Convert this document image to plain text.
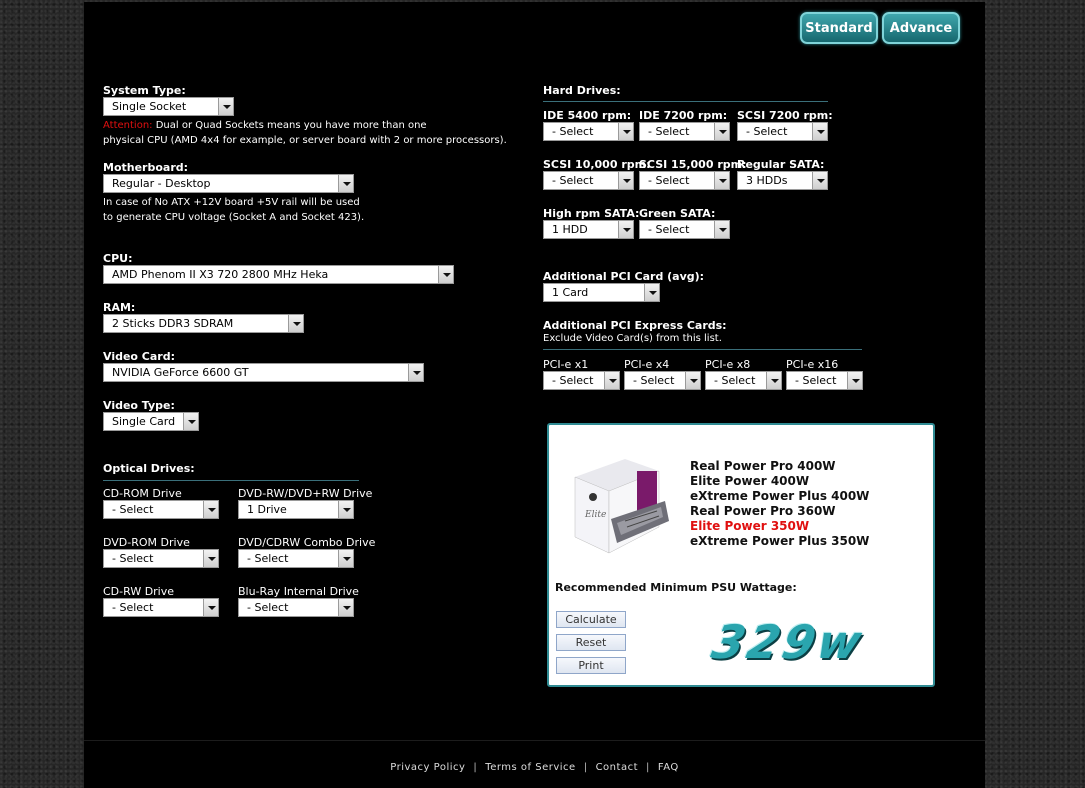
Standard	Advance
System Type:
Single Socket
Attention: Dual or Quad Sockets means you have more than one
physical CPU (AMD 4x4 for example, or server board with 2 or more processors).
Motherboard:
Regular - Desktop
In case of No ATX +12V board +5V rail will be used
to generate CPU voltage (Socket A and Socket 423).
CPU:
AMD Phenom II X3 720 2800 MHz Heka
RAM:
2 Sticks DDR3 SDRAM
Video Card:
NVIDIA GeForce 6600 GT
Video Type:
Single Card
Optical Drives:
CD-ROM Drive
- Select
DVD-RW/DVD+RW Drive
1 Drive
DVD-ROM Drive
- Select
DVD/CDRW Combo Drive
- Select
CD-RW Drive
- Select
Blu-Ray Internal Drive
- Select
Hard Drives:
IDE 5400 rpm:
- Select
IDE 7200 rpm:
- Select
SCSI 7200 rpm:
- Select
SCSI 10,000 rpm:
- Select
SCSI 15,000 rpm:
- Select
Regular SATA:
3 HDDs
High rpm SATA:
1 HDD
Green SATA:
- Select
Additional PCI Card (avg):
1 Card
Additional PCI Express Cards:
Exclude Video Card(s) from this list.
PCI-e x1
- Select
PCI-e x4
- Select
PCI-e x8
- Select
PCI-e x16
- Select
Elite
Real Power Pro 400W
Elite Power 400W
eXtreme Power Plus 400W
Real Power Pro 360W
Elite Power 350W
eXtreme Power Plus 350W
Recommended Minimum PSU Wattage:
Calculate
Reset
Print	329w
Privacy Policy | Terms of Service | Contact | FAQ
